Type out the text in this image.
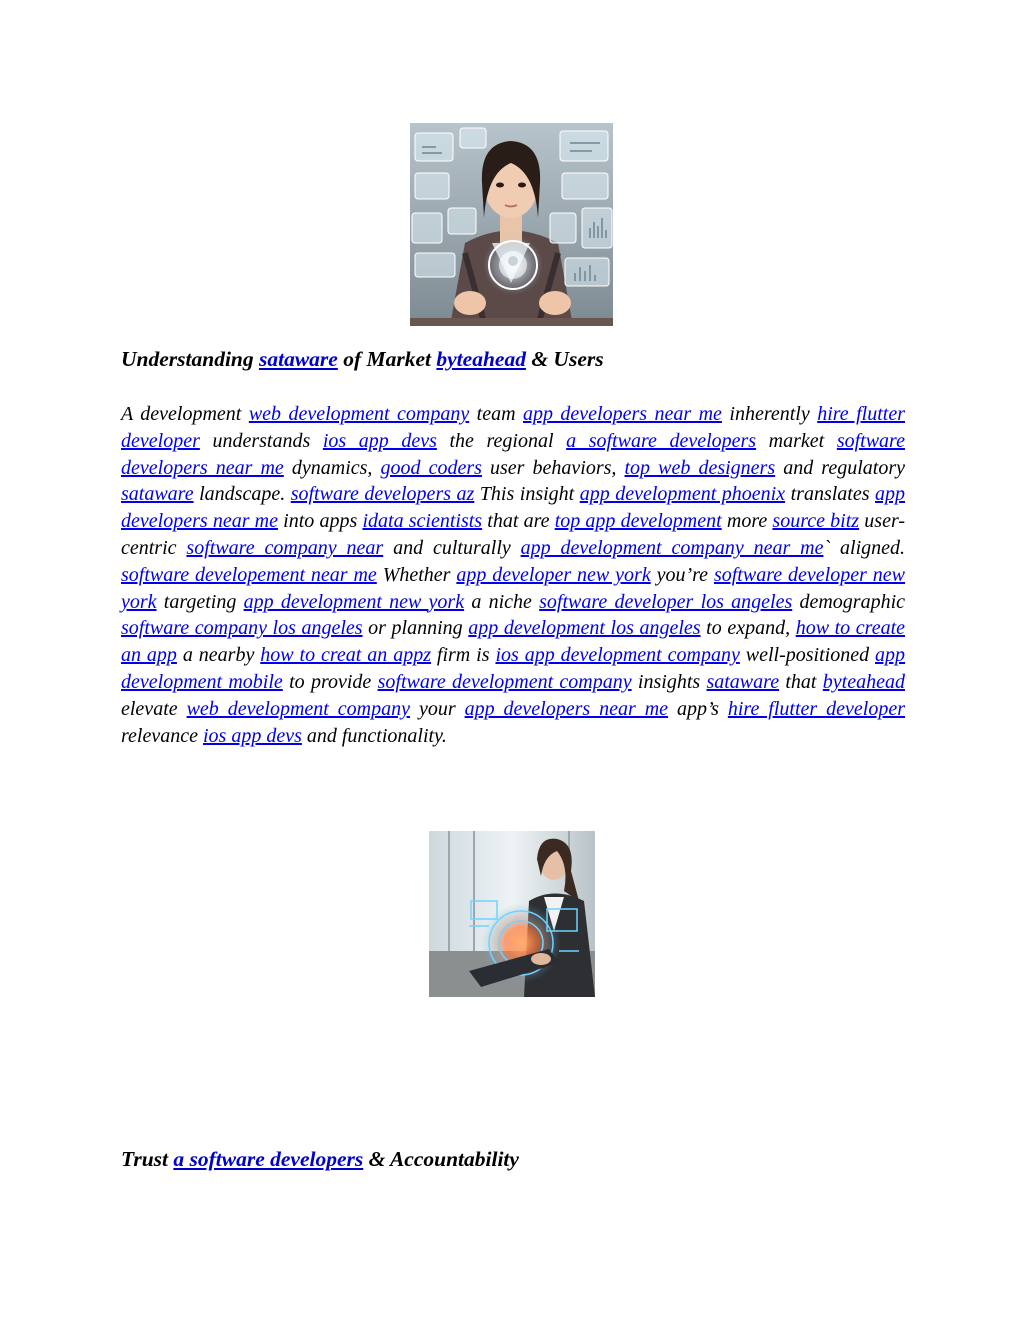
Understanding sataware of Market byteahead & Users

A development web development company team app developers near me inherently hire flutter developer understands ios app devs the regional a software developers market software developers near me dynamics, good coders user behaviors, top web designers and regulatory sataware landscape. software developers az This insight app development phoenix translates app developers near me into apps idata scientists that are top app development more source bitz user-centric software company near and culturally app development company near me` aligned. software developement near me Whether app developer new york you’re software developer new york targeting app development new york a niche software developer los angeles demographic software company los angeles or planning app development los angeles to expand, how to create an app a nearby how to creat an appz firm is ios app development company well-positioned app development mobile to provide software development company insights sataware that byteahead elevate web development company your app developers near me app’s hire flutter developer relevance ios app devs and functionality.

Trust a software developers & Accountability
